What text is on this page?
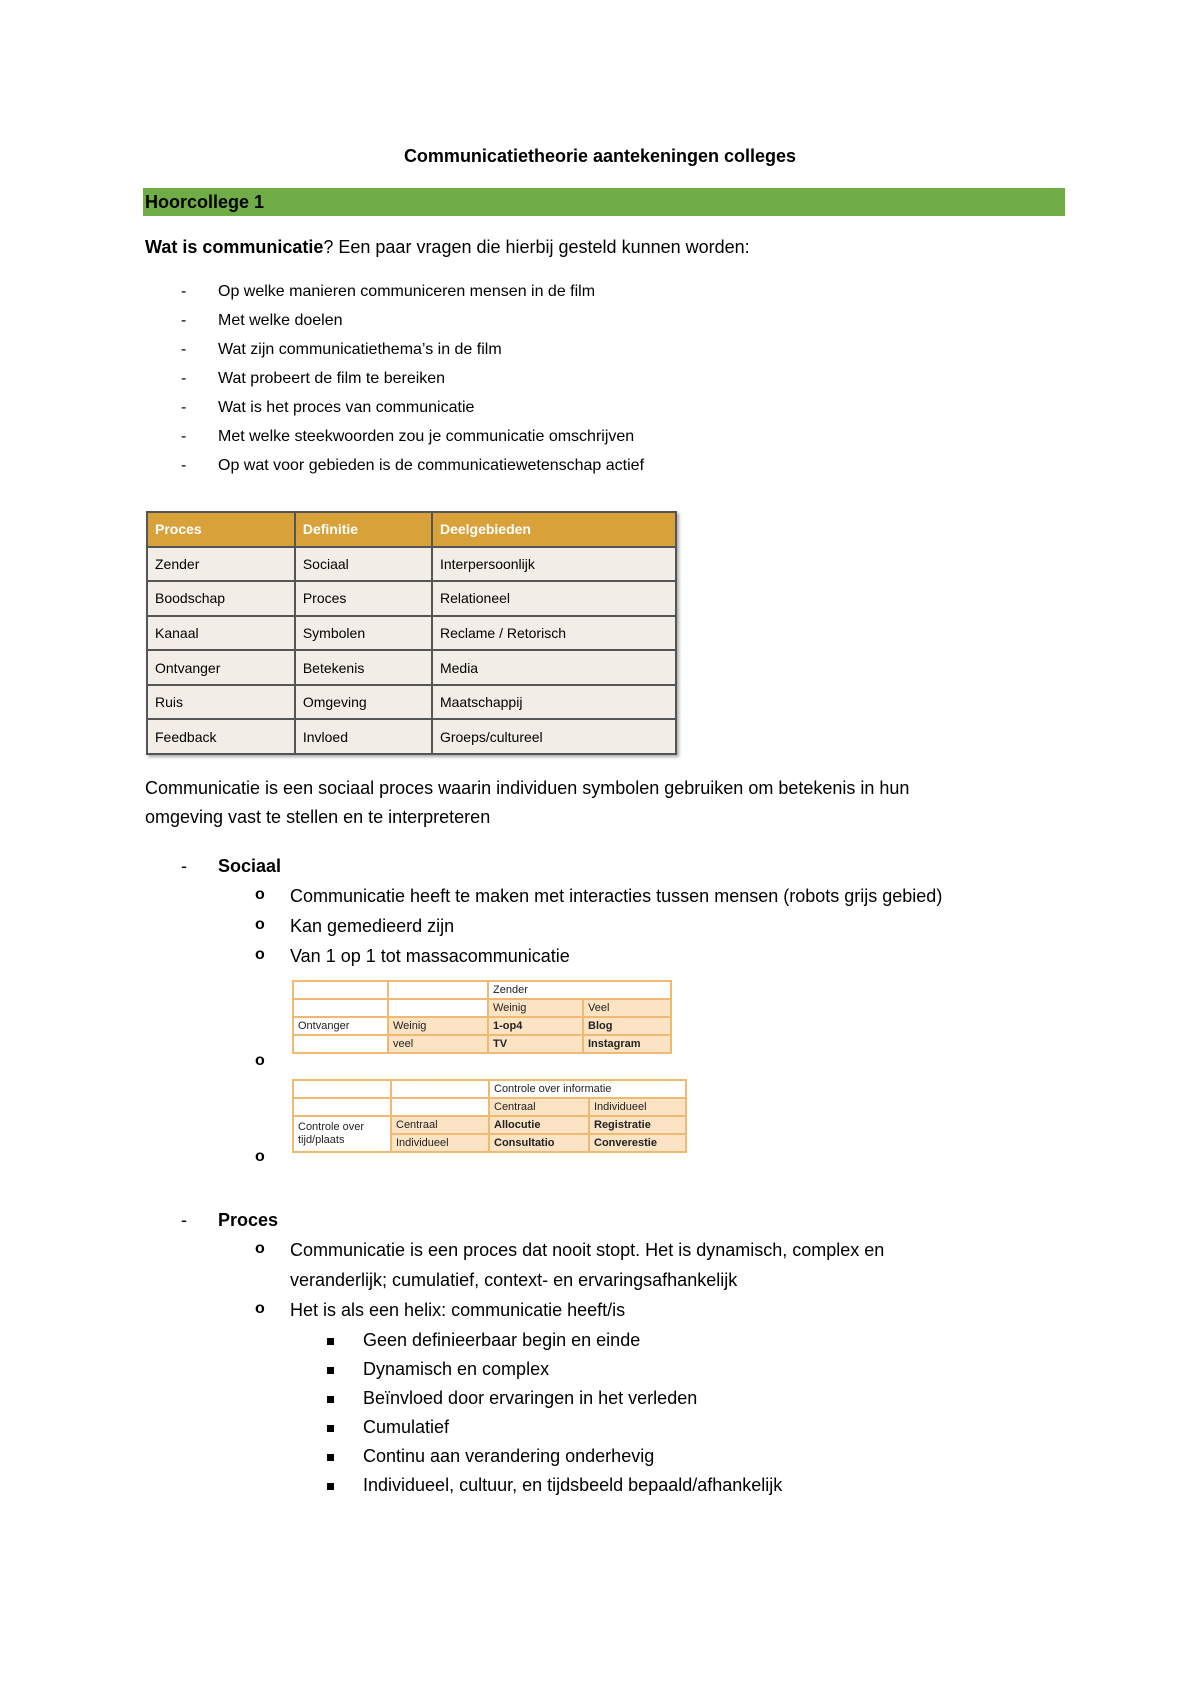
Communicatietheorie aantekeningen colleges
Hoorcollege 1
Wat is communicatie? Een paar vragen die hierbij gesteld kunnen worden:
- Op welke manieren communiceren mensen in de film
- Met welke doelen
- Wat zijn communicatiethema’s in de film
- Wat probeert de film te bereiken
- Wat is het proces van communicatie
- Met welke steekwoorden zou je communicatie omschrijven
- Op wat voor gebieden is de communicatiewetenschap actief
Proces	Definitie	Deelgebieden
Zender	Sociaal	Interpersoonlijk
Boodschap	Proces	Relationeel
Kanaal	Symbolen	Reclame / Retorisch
Ontvanger	Betekenis	Media
Ruis	Omgeving	Maatschappij
Feedback	Invloed	Groeps/cultureel
Communicatie is een sociaal proces waarin individuen symbolen gebruiken om betekenis in hun
omgeving vast te stellen en te interpreteren
- Sociaal
o Communicatie heeft te maken met interacties tussen mensen (robots grijs gebied)
o Kan gemedieerd zijn
o Van 1 op 1 tot massacommunicatie
o
o
		Zender	
		Weinig	Veel
Ontvanger	Weinig	1-op4	Blog
	veel	TV	Instagram
		Controle over informatie	
		Centraal	Individueel
Controle over tijd/plaats	Centraal	Allocutie	Registratie
	Individueel	Consultatio	Converestie
- Proces
o Communicatie is een proces dat nooit stopt. Het is dynamisch, complex en
veranderlijk; cumulatief, context- en ervaringsafhankelijk
o Het is als een helix: communicatie heeft/is
Geen definieerbaar begin en einde
Dynamisch en complex
Beïnvloed door ervaringen in het verleden
Cumulatief
Continu aan verandering onderhevig
Individueel, cultuur, en tijdsbeeld bepaald/afhankelijk
